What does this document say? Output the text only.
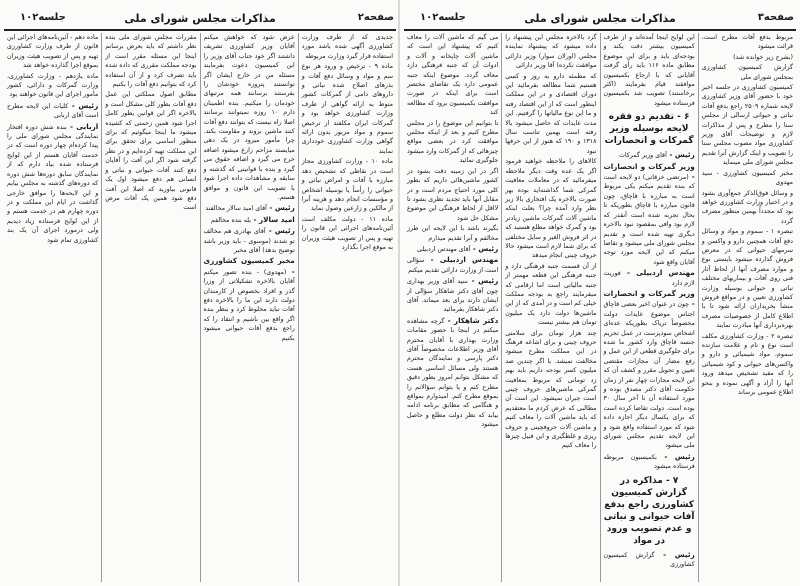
صفحه۲
مذاکرات مجلس شورای ملی
جلسه۱۰۲

جدیدی که از طرف وزارت کشاورزی آگهی شده باشد مورد استفاده قرار گیرد وزارت مربوطه

ماده ۹ - ترخیص و ورود هر نوع سم و مواد و وسائل دفع آفات و بذرهای اصلاح شده نباتی و داروهای دامی از گمرکات کشور منوط به ارائه گواهی از طرف وزارت کشاورزی خواهد بود و گمرکات ایران مکلفند از ترخیص سموم و مواد مزبور بدون ارائه گواهی وزارت کشاورزی خودداری نمایند

ماده ۱۰ - وزارت کشاورزی مجاز است در نقاطی که تشخیص دهد مبارزه با آفات و امراض نباتی و حیوانی را رأساً یا بوسیله اشخاص و مؤسسات انجام دهد و هزینه آنرا از مالکین و زارعین وصول نماید

ماده ۱۱ - دولت مکلف است آئین‌نامه‌های اجرائی این قانون را تهیه و پس از تصویب هیئت وزیران به موقع اجرا بگذارد

عرض شود که خواهش میکنم آقایان وزیر کشاورزی تشریف داشتند اگر خود جناب آقای وزیر را این کمیسیون دعوت بفرمایند مسئله من در خارج ایشان اگر توانستند پتروزه خودشان را بفرستند برسانند همه مرتبهای خودمان را میکنیم. بنده اطمینان دارم ۱۰ روزه نمیتوانند برسانند اصلا راه نیست که بتوانند دفع آفات کنند ماشین بروند و مقاومت بکند. چرا مأمور میرود در یک دهی میایستد مزاحم زارع میشود اضافه خرج می گیرد و اضافه حقوق می گیرد و بنده با قوانینی که گذشته و سابقه و مشاهدات داده اجرا شود با تصویب این قانون و موافق هستم.

رئیس - آقای امید سالار مخالفند

امید سالار - بله بنده مخالفم

رئیس - آقای بهادری هم مخالف تو شدند (موسوی - باید وزیر باشد توضیح بدهد) آقای مخبر

مخبر کمیسیون کشاورزی - (مهدوی) - بنده تصور میکنم آقایان بالاخره تشکیلاتی از وزرا گذر و افراد بخصوص از کارمندان دولت دارند این ما را بالاخره دفع آفات نباید مخلوط کرد و بنظر بنده اگر واقع بین باشیم و انتقاد را که راجع بدفع آفات حیوانی میشود بکنیم

مقررات مجلس شورای ملی بنده نظر داشتم که باید بعرض برسانم اینجا این مسئله مقرر است از بودجه مملکت مقرری که داده شده باید تصرف کرد و از آن استفاده کرد که بتوانیم دفع آفات را بکنیم

مطابق اصول مملکتی این عمل دفع آفات بطور کلی مشکل است و بالاخره اگر این قوانین بطور کامل اجرا شود همین زحمتی که کشیده میشود ما اینجا میگوئیم که برای منظور اساسی برای تحقق برای این مملکت تهیه کرده‌ایم و در نظر گرفته شود اگر این آفت را آقایان دفع کنند آفات حیوانی و نباتی و انسانی هم دفع میشود اول یک قانونی بیاورید که اصلا این آفت دفع شود همین یک آفات مرض است

ماده دهم - آئین‌نامه‌های اجرائی این قانون از طرف وزارت کشاورزی تهیه و پس از تصویب هیئت وزیران بموقع اجرا گذارده خواهد شد

ماده یازدهم - وزارت کشاورزی، وزارت گمرکات و دارائی، کشور مأمور اجرای این قانون خواهند بود

رئیس - کلیات این لایحه مطرح است آقای اربابی

اربابی - بنده شش دوره افتخار نمایندگی مجلس شورای ملی را پیدا کرده‌ام چهار دوره است که در خدمت آقایان هستم از این لوایح فرستاده شده بیاد دارم که از نمایندگان سابق دوره‌ها شش دوره که دوره‌های گذشته به مجلس بیایم و این لایحه‌ها را موافق خارجی گذاشت در ایام این مملکت و در دوره چهارم هم در خدمت هستم و از این لوایح فرستاده زیاد دیدیم ولی درمورد اجرای آن یک بند کشاورزی تمام شود

صفحه۳
مذاکرات مجلس شورای ملی
جلسه۱۰۲

مربوط بدفع آفات مطرح است، قرائت میشود

(بشرح زیر خوانده شد)

گزارش کمیسیون کشاورزی بمجلس شورای ملی

کمیسیون کشاورزی در جلسه اخیر خود با حضور آقای وزیر کشاورزی لایحه شماره ۲۵۰۹ راجع بدفع آفات نباتی و حیوانی ارسالی از مجلس سنا را مطرح و پس از مذاکرات لازم و توضیحات آقای وزیر کشاورزی مواد مصوب مجلس سنا را تصویب و اینک گزارش آنرا تقدیم مجلس شورای ملی مینماید

مخبر کمیسیون کشاورزی - سید مهدوی

و وسائل فوق‌الذکر جمع‌آوری بشود و در اختیار وزارت کشاورزی خواهد بود که مجدداً بهمین منظور مصرف گردد

تبصره ۱ - سموم و مواد و وسائل دفع آفات همچنین دارو و واکسن و سرمهای حیوانی که در معرض فروش گذارده میشود بایستی نوع و موارد مصرف آنها از لحاظ آثار فنی روی آفات و بیماریهای مختلف نباتی و حیوانی بوسیله وزارت کشاورزی تعیین و در مواقع فروش منشأ بخریداران ارائه شود تا با اطلاع کامل از خصوصیات مصرف بهره‌برداری آنها مبادرت نمایند

تبصره ۲ - وزارت کشاورزی مکلف است نوع و نام و علامت سازنده سموم، مواد شیمیائی و دارو و واکسن‌های حیوانی و کود شیمیائی را که مفید تشخیص میدهد ورود آنها را آزاد و آگهی نموده و بنحو اطلاع عمومی برساند

این لوایح اینجا آمده‌اند و از طرف کمیسیون بیشتر دقت بکند و بودجه‌ای باید و برای این موضوع مطابق ماده ۱۱۶ باید رأی گرفت آقایانی که با ارجاع بکمیسیون موافقند قیام بفرمایند (اکثر برخاستند) تصویب شد بکمیسیون فرستاده میشود

۶ - تقدیم دو فقره لایحه بوسیله وزیر گمرکات و انحصارات

رئیس - آقای وزیر گمرکات

وزیر گمرکات و انحصارات - (مرتضی خرقانی) دو لایحه است که بنده تقدیم میکنم یکی مربوط است به مبارزه با قاچاق، چون قانون مبارزه با قاچاق بطوریکه تا بحال تجربه شده است آنقدر که لازم بود وافی بمقصود نبود بالاخره دیگری تهیه شده است و تقدیم مجلس شورای ملی میشود و تقاضا میکنم که این لایحه مورد توجه آقایان واقع شود

مهندس اردبیلی - فوریت لازم دارد

وزیر گمرکات و انحصارات - چون در عنوان اخیر بعضی قاچاق اجناس موضوع عایدات دولت مخصوصاً تریاک بطوریکه عده‌ای اشخاص سودپرست در عمل تحریم جنسه قاچاق وارد کشور ما شده برای جلوگیری قطعی از این عمل و رفع مضار آن مجازات مقتضی تعیین و تحویل مقرر و کشف آن که این لایحه مجازات چهار نفر از زمان حکومت آقای دکتر مصدق بوده و مورد استفاده آن تا آخر سال ۳۰ بوده است. دولت تقاضا کرده است که برای یکسال دیگر اجازه داده شود که مورد استفاده واقع شود و این لایحه تقدیم مجلس شورای ملی میشود

رئیس - بکمیسیون مربوطه فرستاده میشود

۷ - مذاکره در گزارش کمیسیون کشاورزی راجع بدفع آفات حیوانی و نباتی و عدم تصویب ورود در مواد

رئیس - گزارش کمیسیون کشاورزی

گرد بالاخره مجلس این پیشنهاد را داده میشود که پیشنهاد نماینده مجلس (اورلان سوار) وزیر دارائی موافقت نکرده) آقا وزیر دارائی

که مطمئه دارو به روز و کسی هستیم شما مطالعه بفرمائید این دوران اقتصادی و در این مملکت اینطور است که از این اقتصاد رفته و ما این نوع مالیاتها را گرفتیم. این مدت عایدات که حاصل میشود بالا رفته است بهمین تناسب سال ۱۳۱۸ و ۱۹۰ که هنوز از این حرفها نبود

کالاهای را ملاحظه خواهید فرمود اگر یک عده وقت دیگر ملاحظه میفرمائید که در معاملات معافیت گمرکی شما گذاشته‌اید بوده بهر صورت بالاخره یک افتخاری بالا زیر نظر وارد آمده چرا؟ بعلت اینکه ماشین آلات گمرکات ماشین زیادتر بود و گمرک خواهد مطلع هستید که در اثر فروش الغیر و سایل مختلفی که برای شما لازم است میشود حالا حروف چینی انجام میدهد

از آن قسمت جنبه فرهنگی دارد و جنبه فرهنگی این قطعه مهمتر از جنبه مالیاتی است اما ارقامی که میفرمایند راجع به بودجه مملکت خیلی کم است و در آمدی که از این ماشین‌ها دولت دارد یک میلیون تومان هم بیشتر نیست

چند هزار تومان برای سلامتی حروف چینی و برای اشاعه فرهنگ در این مملکت مطرح میشود مخالفت نمیشد. با اگر چندین صد میلیون کسر بودجه داریم باید بهم زد تومانی که مربوط بمعافیت گمرکی ماشین‌های حروف چینی است جبران نمیشود. این است آن مطالبی که عرض کردم ما معتقدیم که باید ماشین آلات را معاف کنیم و ماشین آلات حروفچینی و حروف ریزی و غلطگیری و این قبیل چیزها را معاف کنیم

می گیم که ماشین آلات را معاف کنیم که پیشنهاد این است که ماشین آلات چاپخانه و آلات و ادوات آن که جنبه فرهنگی دارد معاف گردد. موضوع اینکه جنبه عمومی دارد یک تقاضای مختصر است برای اینکه در صورت موافقت بکمیسیون برود که مطالعه کند

تا بتوانیم این موضوع را در مجلس مطرح کنیم و بعد از اینکه مجلس موافقت کرد در بعضی مواقع چیزهائی که از گمرکات وارد میشود جلوگیری نمائید

اگر در این زمینه دقت بشود در کشور ماشین‌هائی داریم که بطور کلی مورد احتیاج مردم است و در مقابل آنها باید تجدید نظری بشود تا لااقل از لحاظ فرهنگی این موضوع مشکل حل شود

بگیرند باشد با این لایحه این طرز مخالفم و آنرا تقدیم میدارم

رئیس - آقای مهندس اردبیلی

مهندس اردبیلی - سؤالی است از وزارت دارائی تقدیم میکنم

رئیس - سید آقای وزیر بهداری چون آقای دکتر شاهکار سؤالی از ایشان دارند برای بعد میماند. آقای دکتر شاهکار بفرمائید

دکتر شاهکار - گرچه مشاهده میکنم در اینجا با حضور مقامات وزارت بهداری با آقایان محترم آقای وزیر اطلاعات مخصوصاً آقای دکتر پارسی و نمایندگان محترم هستند ولی مسائل اساسی هست که مشکل بتوانم امروز بطور دقیق مطرح کنم و یا بتوانم سؤالاتم را بموقع مطرح کنم. امیدوارم بمواقع و هنگامی که مطابق برنامه ادامه بیابد که نظر دولت مطلع و حاصل میشود
